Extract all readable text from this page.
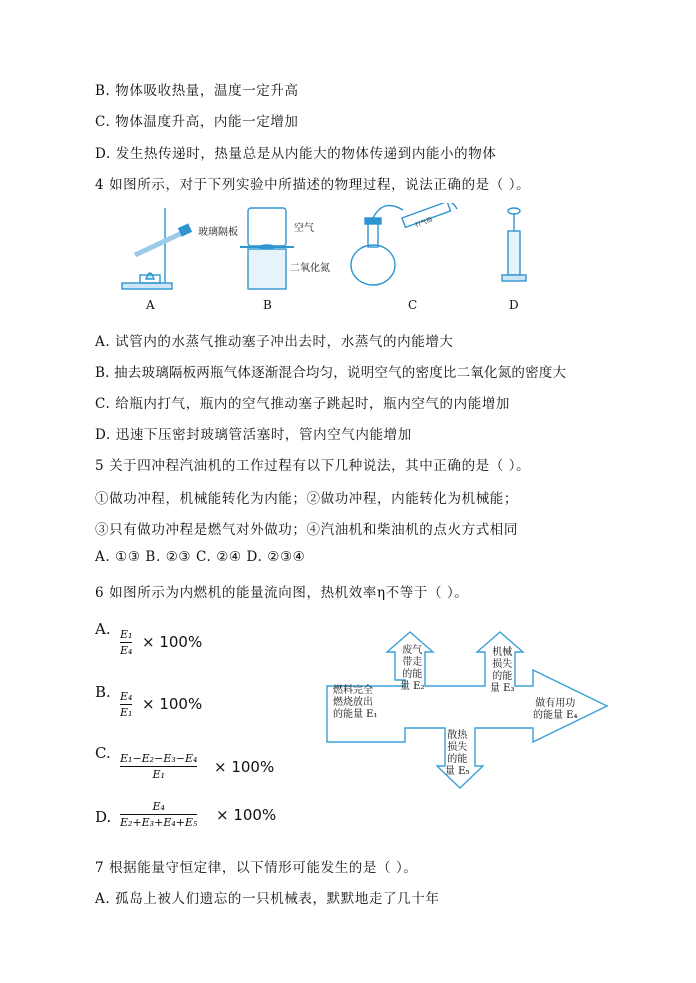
B. 物体吸收热量，温度一定升高
C. 物体温度升高，内能一定增加
D. 发生热传递时，热量总是从内能大的物体传递到内能小的物体
4 如图所示，对于下列实验中所描述的物理过程，说法正确的是（ ）。
A	B	C	D
玻璃隔板	空气
二氧化氮
打气筒
A. 试管内的水蒸气推动塞子冲出去时，水蒸气的内能增大
B. 抽去玻璃隔板两瓶气体逐渐混合均匀，说明空气的密度比二氧化氮的密度大
C. 给瓶内打气，瓶内的空气推动塞子跳起时，瓶内空气的内能增加
D. 迅速下压密封玻璃管活塞时，管内空气内能增加
5 关于四冲程汽油机的工作过程有以下几种说法，其中正确的是（ ）。
①做功冲程，机械能转化为内能；②做功冲程，内能转化为机械能；
③只有做功冲程是燃气对外做功；④汽油机和柴油机的点火方式相同
A. ①③ B. ②③ C. ②④ D. ②③④
6 如图所示为内燃机的能量流向图，热机效率η不等于（ ）。
A. E₁
E₄ × 100%
B. E₄
E₁ × 100%
C. E₁−E₂−E₃−E₄
E₁	× 100%
D.
E₄
E₂+E₃+E₄+E₅ × 100%
燃料完全
燃烧放出
的能量 E₁
废气
带走
的能
量 E₂
机械
损失
的能
量 E₃
做有用功
的能量 E₄
散热
损失
的能
量 E₅
7 根据能量守恒定律，以下情形可能发生的是（ ）。
A. 孤岛上被人们遗忘的一只机械表，默默地走了几十年
